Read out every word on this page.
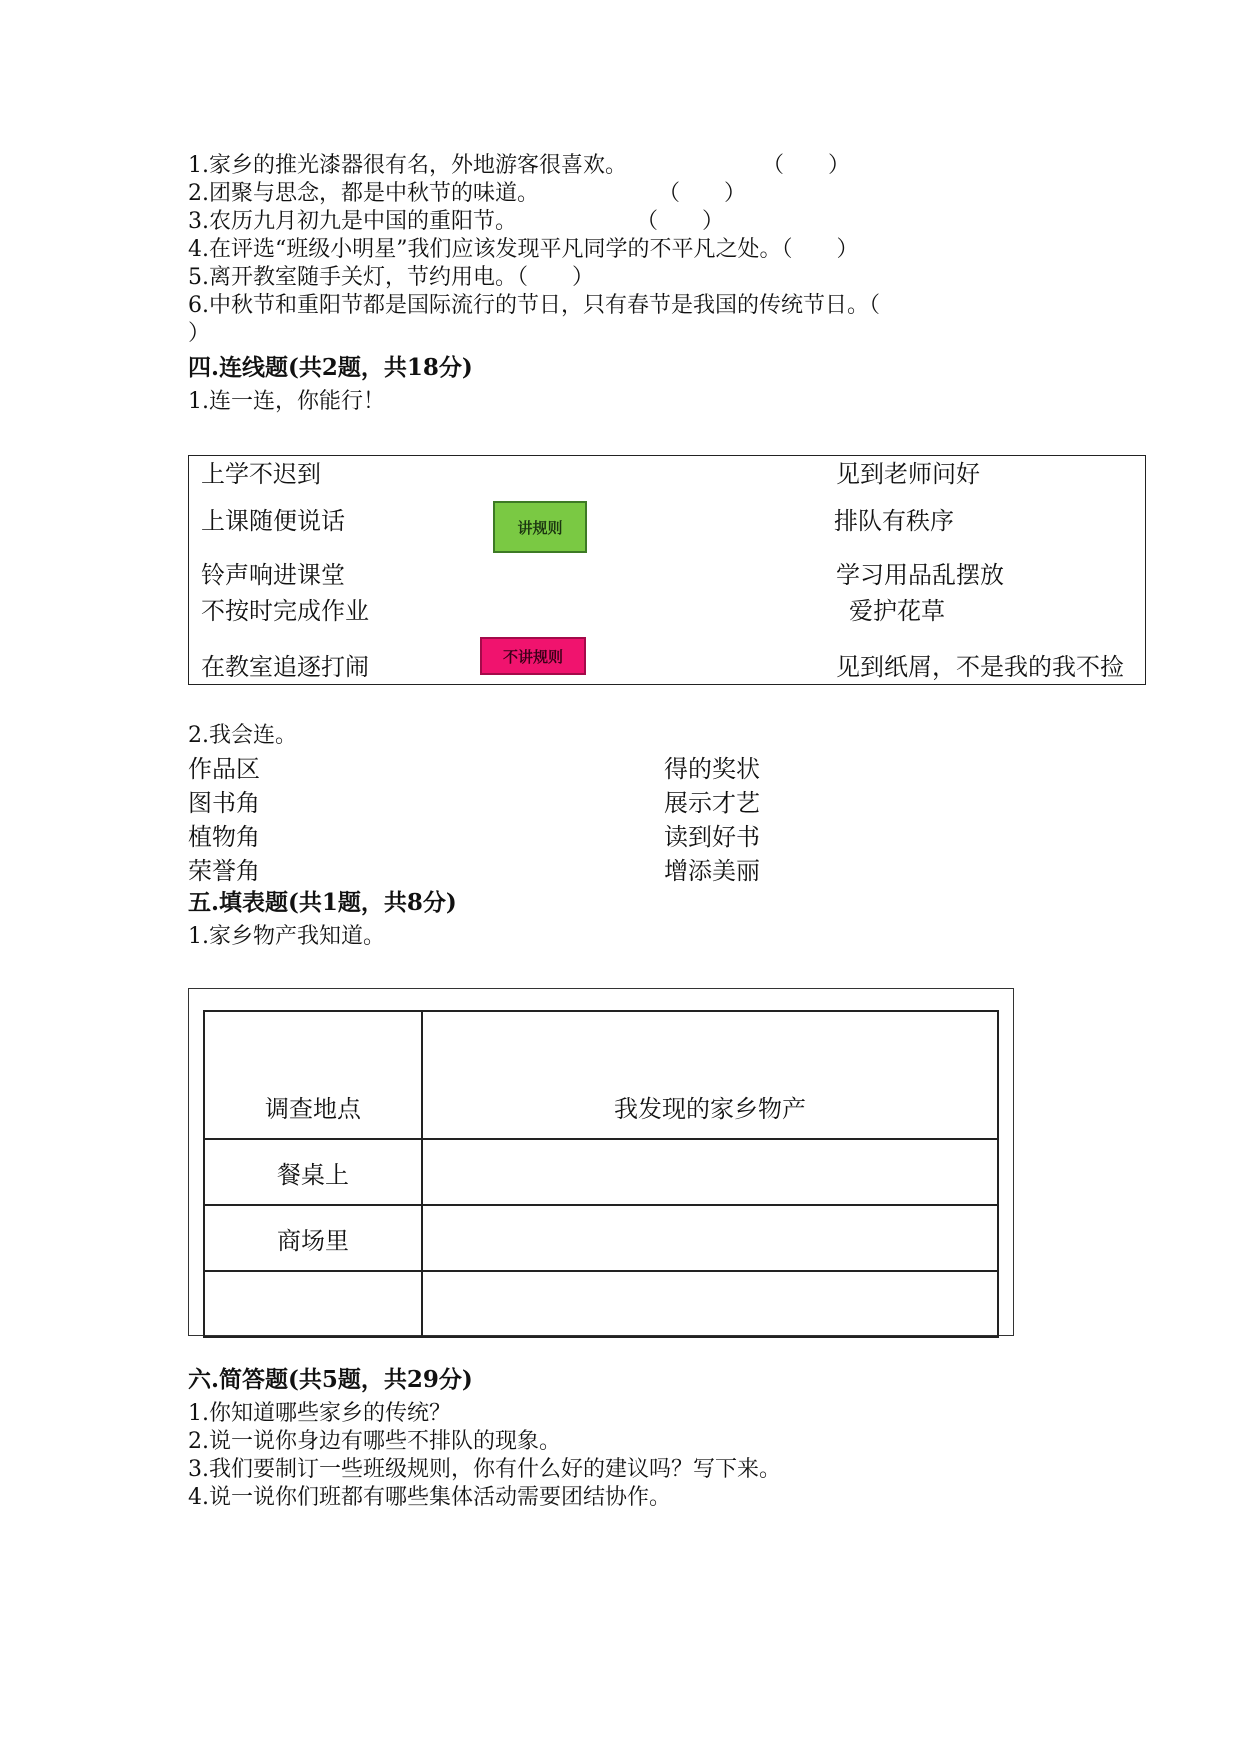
1.家乡的推光漆器很有名，外地游客很喜欢。	（　　）
2.团聚与思念，都是中秋节的味道。	（　　）
3.农历九月初九是中国的重阳节。	（　　）
4.在评选“班级小明星”我们应该发现平凡同学的不平凡之处。（　　）
5.离开教室随手关灯，节约用电。（　　）
6.中秋节和重阳节都是国际流行的节日，只有春节是我国的传统节日。（
）
四.连线题(共2题，共18分)
1.连一连，你能行！
上学不迟到
上课随便说话
铃声响进课堂
不按时完成作业
在教室追逐打闹
讲规则
不讲规则
见到老师问好
排队有秩序
学习用品乱摆放
爱护花草
见到纸屑，不是我的我不捡
2.我会连。
作品区
图书角
植物角
荣誉角
得的奖状
展示才艺
读到好书
增添美丽
五.填表题(共1题，共8分)
1.家乡物产我知道。
调查地点	我发现的家乡物产
餐桌上	
商场里	

六.简答题(共5题，共29分)
1.你知道哪些家乡的传统？
2.说一说你身边有哪些不排队的现象。
3.我们要制订一些班级规则，你有什么好的建议吗？写下来。
4.说一说你们班都有哪些集体活动需要团结协作。
